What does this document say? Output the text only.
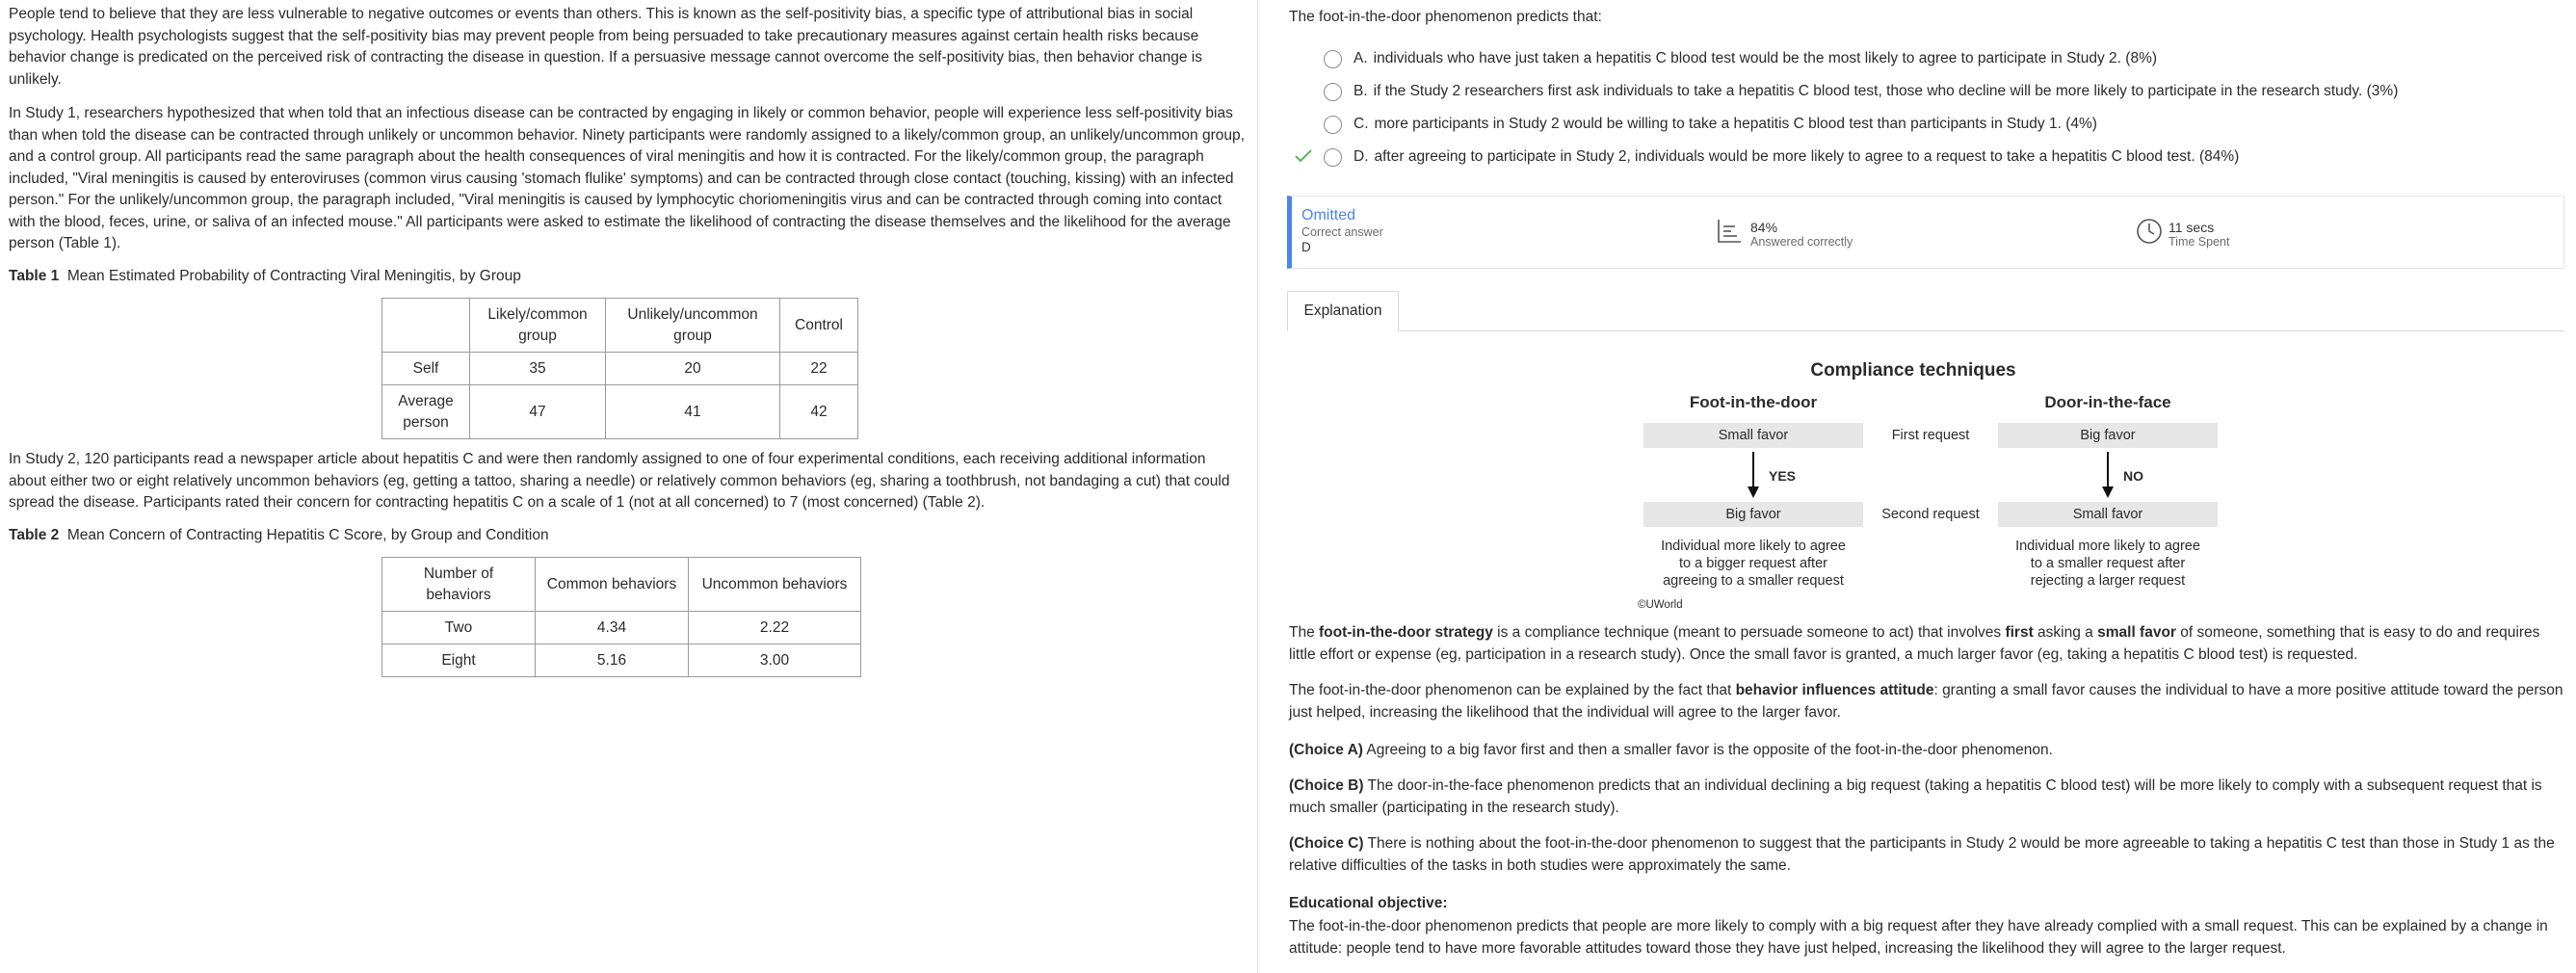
People tend to believe that they are less vulnerable to negative outcomes or events than others. This is known as the self-positivity bias, a specific type of attributional bias in social psychology. Health psychologists suggest that the self-positivity bias may prevent people from being persuaded to take precautionary measures against certain health risks because behavior change is predicated on the perceived risk of contracting the disease in question. If a persuasive message cannot overcome the self-positivity bias, then behavior change is unlikely.

In Study 1, researchers hypothesized that when told that an infectious disease can be contracted by engaging in likely or common behavior, people will experience less self-positivity bias than when told the disease can be contracted through unlikely or uncommon behavior. Ninety participants were randomly assigned to a likely/common group, an unlikely/uncommon group, and a control group. All participants read the same paragraph about the health consequences of viral meningitis and how it is contracted. For the likely/common group, the paragraph included, "Viral meningitis is caused by enteroviruses (common virus causing 'stomach flulike' symptoms) and can be contracted through close contact (touching, kissing) with an infected person." For the unlikely/uncommon group, the paragraph included, "Viral meningitis is caused by lymphocytic choriomeningitis virus and can be contracted through coming into contact with the blood, feces, urine, or saliva of an infected mouse." All participants were asked to estimate the likelihood of contracting the disease themselves and the likelihood for the average person (Table 1).

Table 1 Mean Estimated Probability of Contracting Viral Meningitis, by Group

	Likely/common group	Unlikely/uncommon group	Control
Self	35	20	22
Average person	47	41	42

In Study 2, 120 participants read a newspaper article about hepatitis C and were then randomly assigned to one of four experimental conditions, each receiving additional information about either two or eight relatively uncommon behaviors (eg, getting a tattoo, sharing a needle) or relatively common behaviors (eg, sharing a toothbrush, not bandaging a cut) that could spread the disease. Participants rated their concern for contracting hepatitis C on a scale of 1 (not at all concerned) to 7 (most concerned) (Table 2).

Table 2 Mean Concern of Contracting Hepatitis C Score, by Group and Condition

Number of behaviors	Common behaviors	Uncommon behaviors
Two	4.34	2.22
Eight	5.16	3.00

The foot-in-the-door phenomenon predicts that:

A. individuals who have just taken a hepatitis C blood test would be the most likely to agree to participate in Study 2.
(8%)
B. if the Study 2 researchers first ask individuals to take a hepatitis C blood test, those who decline will be more likely to participate in the research study.
(3%)
C. more participants in Study 2 would be willing to take a hepatitis C blood test than participants in Study 1.
(4%)
D. after agreeing to participate in Study 2, individuals would be more likely to agree to a request to take a hepatitis C blood test.
(84%)
Omitted
Correct answer
D
84%
Answered correctly
11 secs
Time Spent
Explanation
Compliance techniques
Foot-in-the-door	Door-in-the-face
Small favor	First request	Big favor
YES	NO
Big favor	Second request	Small favor
Individual more likely to agree to a bigger request after agreeing to a smaller request
Individual more likely to agree to a smaller request after rejecting a larger request
©UWorld

The foot-in-the-door strategy is a compliance technique (meant to persuade someone to act) that involves first asking a small favor of someone, something that is easy to do and requires little effort or expense (eg, participation in a research study). Once the small favor is granted, a much larger favor (eg, taking a hepatitis C blood test) is requested.

The foot-in-the-door phenomenon can be explained by the fact that behavior influences attitude: granting a small favor causes the individual to have a more positive attitude toward the person just helped, increasing the likelihood that the individual will agree to the larger favor.

(Choice A) Agreeing to a big favor first and then a smaller favor is the opposite of the foot-in-the-door phenomenon.

(Choice B) The door-in-the-face phenomenon predicts that an individual declining a big request (taking a hepatitis C blood test) will be more likely to comply with a subsequent request that is much smaller (participating in the research study).

(Choice C) There is nothing about the foot-in-the-door phenomenon to suggest that the participants in Study 2 would be more agreeable to taking a hepatitis C test than those in Study 1 as the relative difficulties of the tasks in both studies were approximately the same.

Educational objective:

The foot-in-the-door phenomenon predicts that people are more likely to comply with a big request after they have already complied with a small request. This can be explained by a change in attitude: people tend to have more favorable attitudes toward those they have just helped, increasing the likelihood they will agree to the larger request.
